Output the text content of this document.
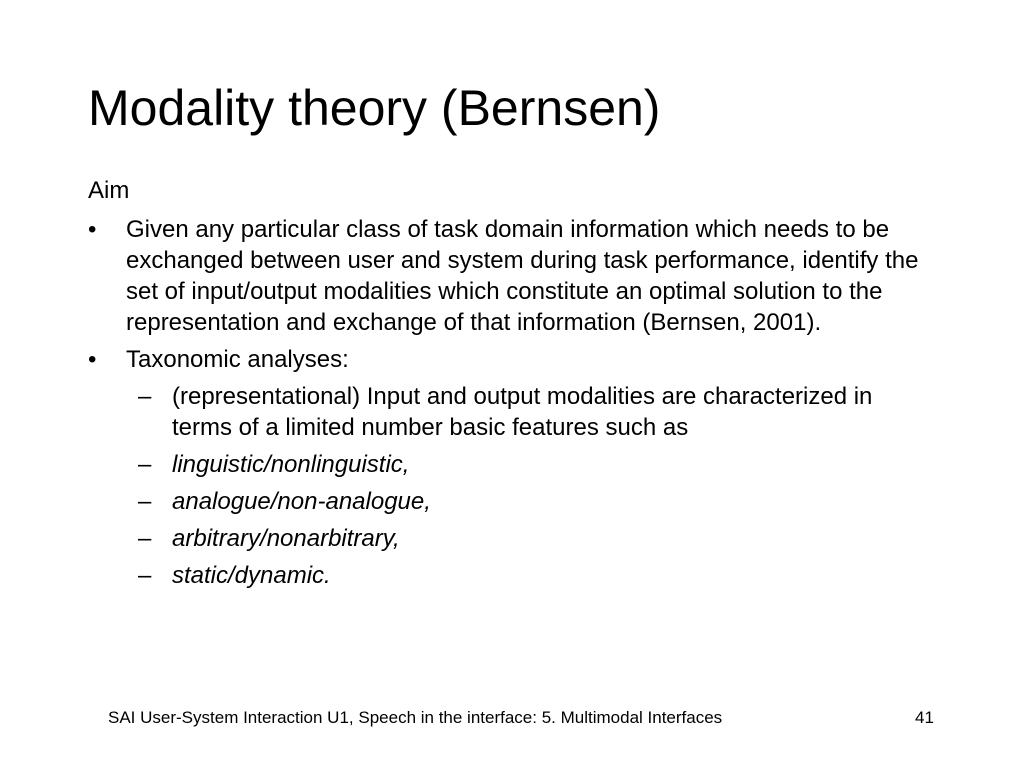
Modality theory (Bernsen)
Aim
• Given any particular class of task domain information which needs to be exchanged between user and system during task performance, identify the set of input/output modalities which constitute an optimal solution to the representation and exchange of that information (Bernsen, 2001).
• Taxonomic analyses:
– (representational) Input and output modalities are characterized in terms of a limited number basic features such as
– linguistic/nonlinguistic,
– analogue/non-analogue,
– arbitrary/nonarbitrary,
– static/dynamic.
SAI User-System Interaction U1, Speech in the interface: 5. Multimodal Interfaces	41
